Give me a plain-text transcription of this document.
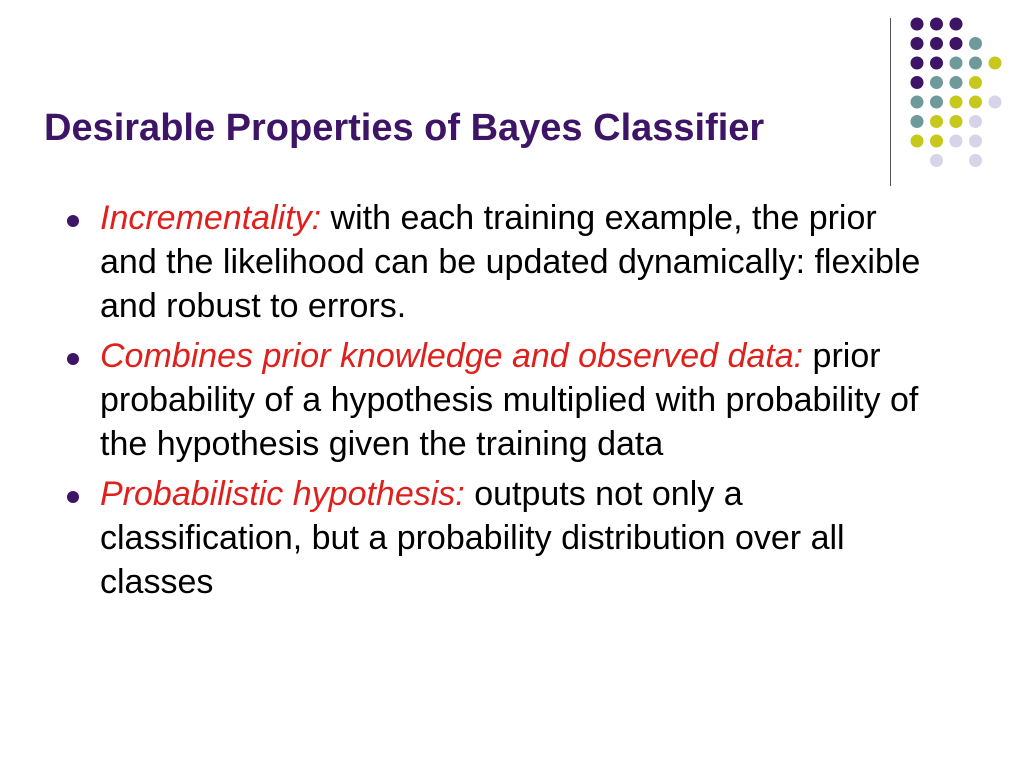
Desirable Properties of Bayes Classifier
Incrementality: with each training example, the prior and the likelihood can be updated dynamically: flexible and robust to errors.
Combines prior knowledge and observed data: prior probability of a hypothesis multiplied with probability of the hypothesis given the training data
Probabilistic hypothesis: outputs not only a classification, but a probability distribution over all classes
